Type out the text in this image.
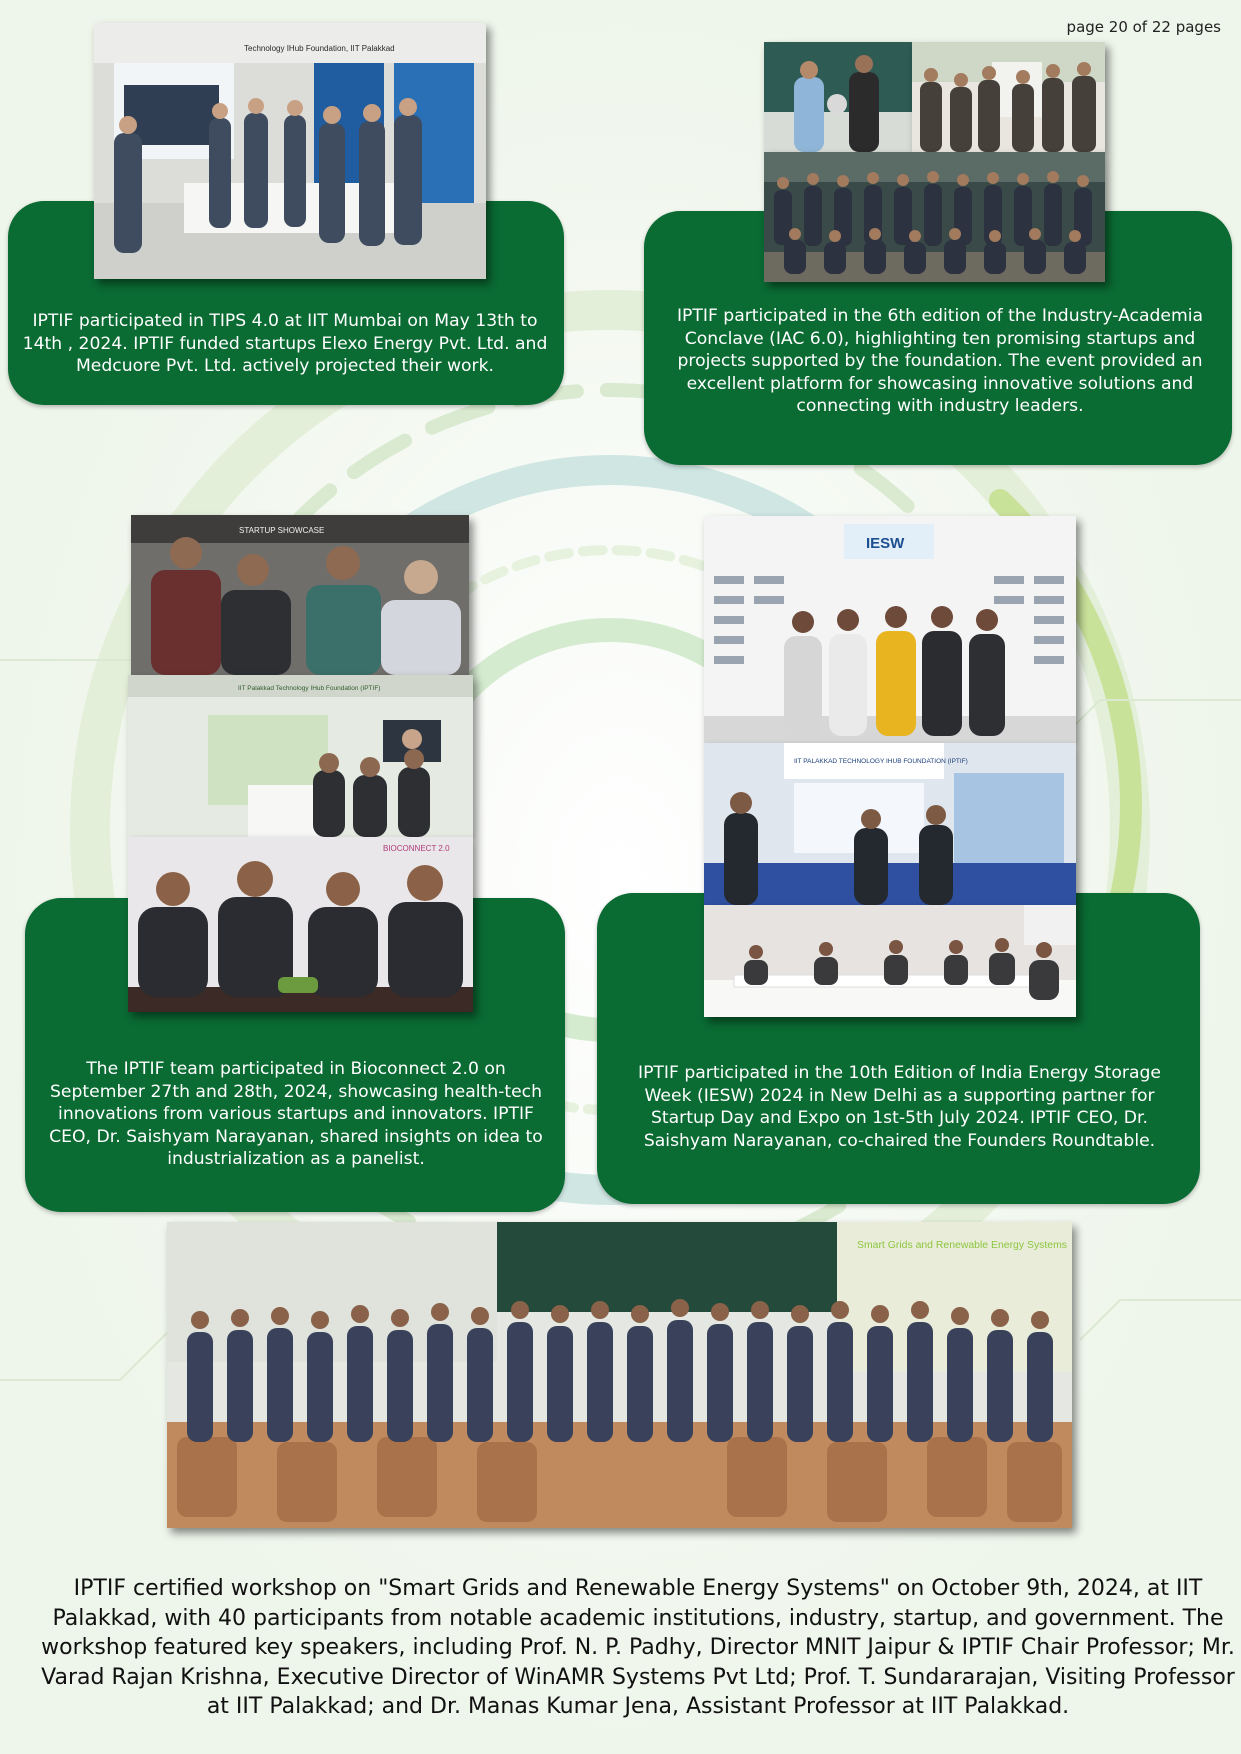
page 20 of 22 pages
IPTIF participated in TIPS 4.0 at IIT Mumbai on May 13th to 14th , 2024. IPTIF funded startups Elexo Energy Pvt. Ltd. and Medcuore Pvt. Ltd. actively projected their work.
Technology IHub Foundation, IIT Palakkad
IPTIF participated in the 6th edition of the Industry-Academia Conclave (IAC 6.0), highlighting ten promising startups and projects supported by the foundation. The event provided an excellent platform for showcasing innovative solutions and connecting with industry leaders.
The IPTIF team participated in Bioconnect 2.0 on September 27th and 28th, 2024, showcasing health-tech innovations from various startups and innovators. IPTIF CEO, Dr. Saishyam Narayanan, shared insights on idea to industrialization as a panelist.
STARTUP SHOWCASE
IIT Palakkad Technology IHub Foundation (IPTIF)
BIOCONNECT 2.0
IPTIF participated in the 10th Edition of India Energy Storage Week (IESW) 2024 in New Delhi as a supporting partner for Startup Day and Expo on 1st-5th July 2024. IPTIF CEO, Dr. Saishyam Narayanan, co-chaired the Founders Roundtable.
IESW
IIT PALAKKAD TECHNOLOGY IHUB FOUNDATION (IPTIF)
Smart Grids and Renewable Energy Systems
IPTIF certified workshop on "Smart Grids and Renewable Energy Systems" on October 9th, 2024, at IIT Palakkad, with 40 participants from notable academic institutions, industry, startup, and government. The workshop featured key speakers, including Prof. N. P. Padhy, Director MNIT Jaipur & IPTIF Chair Professor; Mr. Varad Rajan Krishna, Executive Director of WinAMR Systems Pvt Ltd; Prof. T. Sundararajan, Visiting Professor at IIT Palakkad; and Dr. Manas Kumar Jena, Assistant Professor at IIT Palakkad.
